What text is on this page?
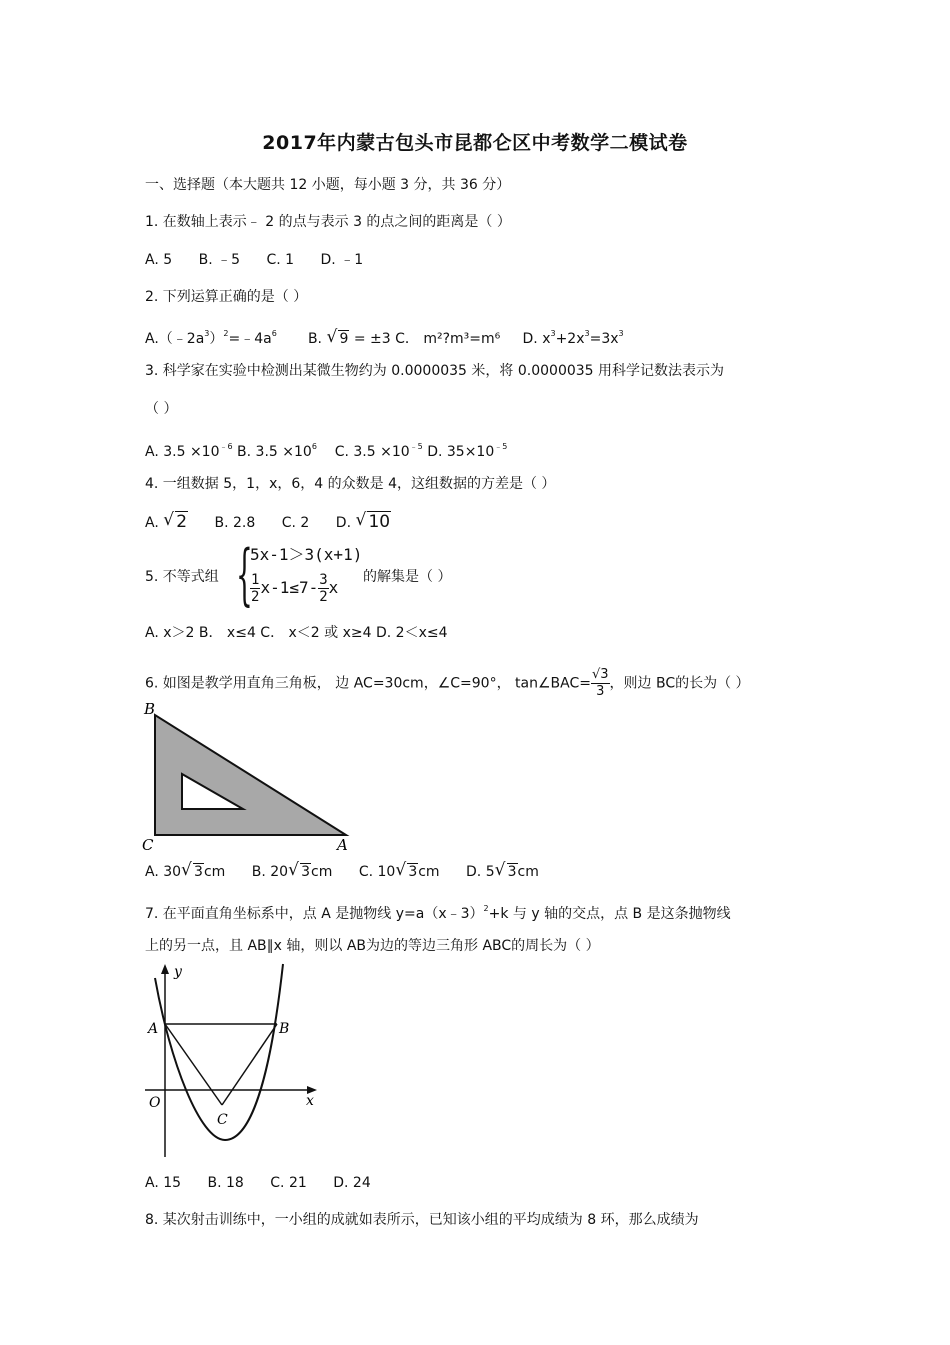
2017年内蒙古包头市昆都仑区中考数学二模试卷
一、选择题（本大题共 12 小题，每小题 3 分，共 36 分）
1. 在数轴上表示﹣ 2 的点与表示 3 的点之间的距离是（ ）
A. 5 B. ﹣5 C. 1 D. ﹣1
2. 下列运算正确的是（ ）
$A.(﹣2a^3)^2=﹣4a^6$ B. √ 9 = ±3 C． m²?m³=m⁶ D. $x^3+2x^3=3x^3$
3. 科学家在实验中检测出某微生物约为 0.0000035 米，将 0.0000035 用科学记数法表示为
（ ）
A. $3.5 \times 10^{﹣6}$ B. $3.5 \times 10^6$ C. $3.5 \times 10^{﹣5}$ D. $35\times 10^{﹣5}$
4. 一组数据 5，1，x，6，4 的众数是 4，这组数据的方差是（ ）
A. √ 2 B. 2.8 C. 2 D. √ 10
5. 不等式组 {
5x-1＞3(x+1)
$\frac{1}{2} x-1\le 7- \frac{3}{2}$ x
的解集是（ ）
A. x＞2 B． x≤4 C． x＜2 或 x≥4 D. 2＜x≤4
6. 如图是教学用直角三角板， 边 AC=30cm，∠C=90°， tan∠BAC= $\frac{√3}{3}$ ，则边 BC的长为（ ）
B
C	A
A. 30 √ 3cm B. 20 √ 3cm C. 10 √ 3cm D. 5 √ 3cm
7. 在平面直角坐标系中，点 A 是抛物线 y=a（x﹣3）$^2$+k 与 y 轴的交点，点 B 是这条抛物线
上的另一点，且 AB∥x 轴，则以 AB为边的等边三角形 ABC的周长为（ ）
y
x
O
A	B
C
A. 15 B. 18 C. 21 D. 24
8. 某次射击训练中，一小组的成就如表所示，已知该小组的平均成绩为 8 环，那么成绩为
